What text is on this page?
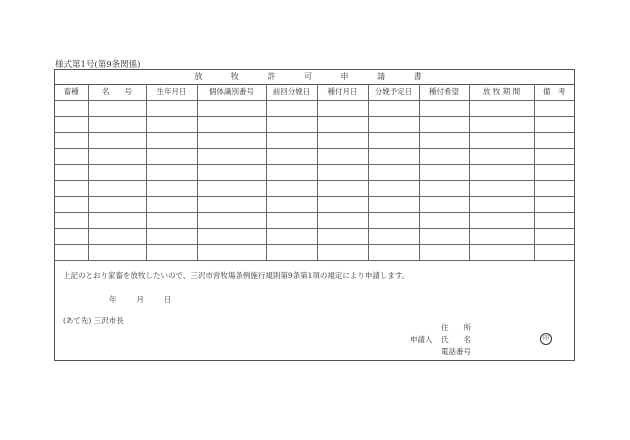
様式第1号(第9条関係)
放 牧 許 可 申 請 書
畜種	名　　号	生年月日	個体識別番号	前回分娩日	種付月日	分娩予定日	種付希望	放 牧 期 間	備　考

上記のとおり家畜を放牧したいので、三沢市営牧場条例施行規則第9条第1項の規定により申請します。
年	月	日
(あて先) 三沢市長
申請人
住　　所
氏　　名
電話番号
印
